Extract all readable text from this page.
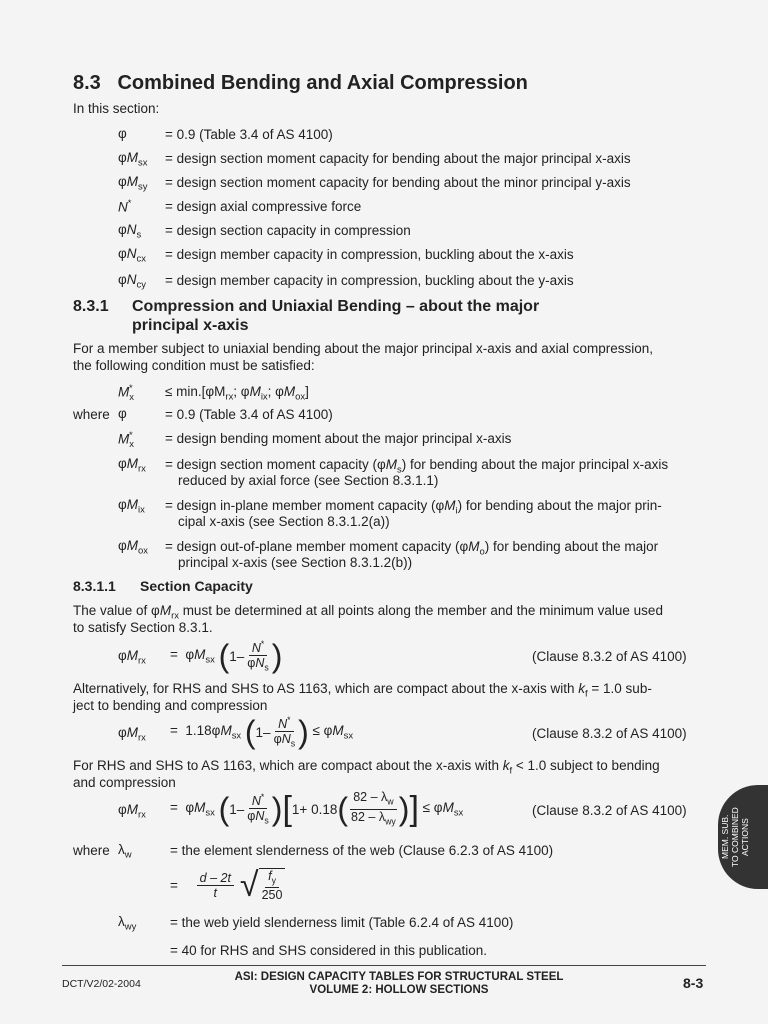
8.3 Combined Bending and Axial Compression
In this section:
φ	= 0.9 (Table 3.4 of AS 4100)
$\varphi M_{sx}$ = design section moment capacity for bending about the major principal x-axis
$\varphi M_{sy}$ = design section moment capacity for bending about the minor principal y-axis
N* = design axial compressive force
$\varphi N_s$ = design section capacity in compression
$\varphi N_{cx}$ = design member capacity in compression, buckling about the x-axis
$\varphi N_{cy}$ = design member capacity in compression, buckling about the y-axis
8.3.1 Compression and Uniaxial Bending – about the major
principal x-axis
For a member subject to uniaxial bending about the major principal x-axis and axial compression,
the following condition must be satisfied:
$M_x^* \le \min.[\varphi M_{rx}$; $\varphi M_{ix}$; $\varphi M_{ox}$]
where φ	= 0.9 (Table 3.4 of AS 4100)
$M_x^*$ = design bending moment about the major principal x-axis
$\varphi M_{rx}$ = design section moment capacity $(\varphi M_s)$ for bending about the major principal x-axis
reduced by axial force (see Section 8.3.1.1)
$\varphi M_{ix}$ = design in-plane member moment capacity $(\varphi M_i)$ for bending about the major prin-
cipal x-axis (see Section 8.3.1.2(a))
$\varphi M_{ox}$ = design out-of-plane member moment capacity $(\varphi M_o)$ for bending about the major
principal x-axis (see Section 8.3.1.2(b))
8.3.1.1 Section Capacity
The value of $\varphi M_{rx}$ must be determined at all points along the member and the minimum value used
to satisfy Section 8.3.1.
$\varphi M_{rx} = \varphi M_{sx}$ ( $1- \frac{N^*}{\varphi N_s}$ )	(Clause 8.3.2 of AS 4100)
Alternatively, for RHS and SHS to AS 1163, which are compact about the x-axis with $k_f = 1.0$ sub-
ject to bending and compression
$\varphi M_{rx}$
=  $1.18\varphi M_{sx}$ ( $1- \frac{N^*}{\varphi N_s}$ ) ≤ $\varphi M_{sx}$	(Clause 8.3.2 of AS 4100)
For RHS and SHS to AS 1163, which are compact about the x-axis with $k_f < 1.0$ subject to bending
and compression
$\varphi M_{rx}$
=  $\varphi M_{sx}$ ( $1- \frac{N^*}{\varphi N_s}$ ) [ 1+ 0.18 ( $\frac{82 - \lambda_w}{82 - \lambda_{wy}}$ ) ] ≤ $\varphi M_{sx}$	(Clause 8.3.2 of AS 4100)
where $\lambda_w$	= the element slenderness of the web (Clause 6.2.3 of AS 4100)
= $\frac{d - 2t}{t}$ √ $\frac{f_y}{250}$
$\lambda_{wy}$ = the web yield slenderness limit (Table 6.2.4 of AS 4100)
= 40 for RHS and SHS considered in this publication.
DCT/V2/02-2004
ASI: DESIGN CAPACITY TABLES FOR STRUCTURAL STEEL
VOLUME 2: HOLLOW SECTIONS	8-3
MEM. SUB. TO COMBINED ACTIONS
